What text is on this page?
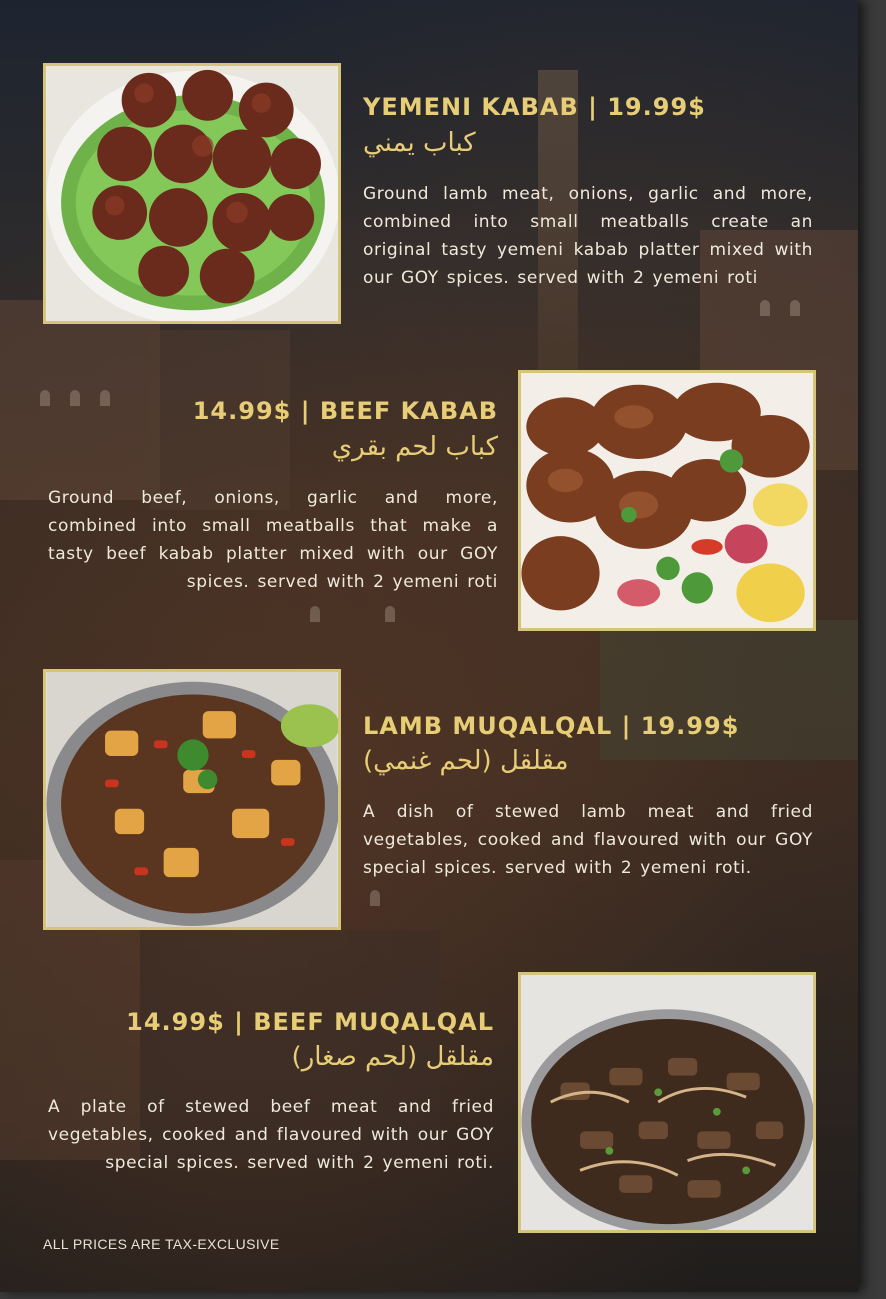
YEMENI KABAB | 19.99$
كباب يمني
Ground lamb meat, onions, garlic and more, combined into small meatballs create an original tasty yemeni kabab platter mixed with our GOY spices. served with 2 yemeni roti
14.99$ | BEEF KABAB
كباب لحم بقري
Ground beef, onions, garlic and more, combined into small meatballs that make a tasty beef kabab platter mixed with our GOY spices. served with 2 yemeni roti
LAMB MUQALQAL | 19.99$
مقلقل (لحم غنمي)
A dish of stewed lamb meat and fried vegetables, cooked and flavoured with our GOY special spices. served with 2 yemeni roti.
14.99$ | BEEF MUQALQAL
مقلقل (لحم صغار)
A plate of stewed beef meat and fried vegetables, cooked and flavoured with our GOY special spices. served with 2 yemeni roti.
ALL PRICES ARE TAX-EXCLUSIVE
